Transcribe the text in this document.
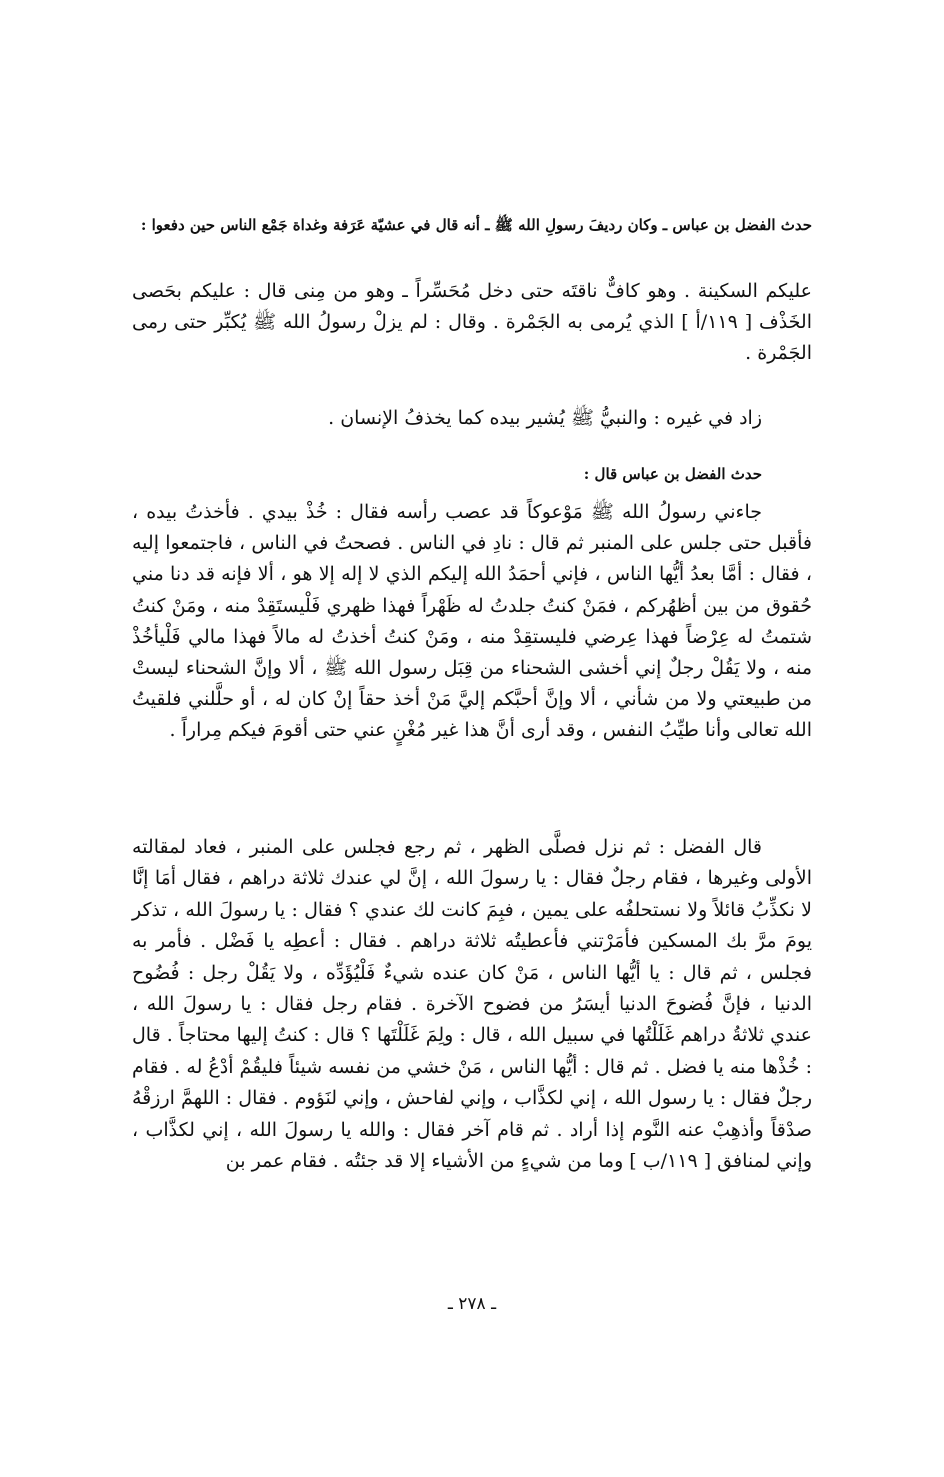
حدث الفضل بن عباس ـ وكان رديفَ رسولِ الله ﷺ ـ أنه قال في عشيّة عَرَفة وغداة جَمْع الناس حين دفعوا :
عليكم السكينة . وهو كافٌّ ناقتَه حتى دخل مُحَسِّراً ـ وهو من مِنى قال : عليكم بحَصى الخَذْف [ ١١٩/أ ] الذي يُرمى به الجَمْرة . وقال : لم يزلْ رسولُ الله ﷺ يُكبِّر حتى رمى الجَمْرة .
زاد في غيره : والنبيُّ ﷺ يُشير بيده كما يخذفُ الإنسان .
حدث الفضل بن عباس قال :
جاءني رسولُ الله ﷺ مَوْعوكاً قد عصب رأسه فقال : خُذْ بيدي . فأخذتُ بيده ، فأقبل حتى جلس على المنبر ثم قال : نادِ في الناس . فصحتُ في الناس ، فاجتمعوا إليه ، فقال : أمَّا بعدُ أيُّها الناس ، فإني أحمَدُ الله إليكم الذي لا إله إلا هو ، ألا فإنه قد دنا مني حُقوق من بين أظهُركم ، فمَنْ كنتُ جلدتُ له ظَهْراً فهذا ظهري فَلْيستَقِدْ منه ، ومَنْ كنتُ شتمتُ له عِرْضاً فهذا عِرضي فليستقِدْ منه ، ومَنْ كنتُ أخذتُ له مالاً فهذا مالي فَلْيأخُذْ منه ، ولا يَقُلْ رجلٌ إني أخشى الشحناء من قِبَل رسول الله ﷺ ، ألا وإنَّ الشحناء ليستْ من طبيعتي ولا من شأني ، ألا وإنَّ أحبَّكم إليَّ مَنْ أخذ حقاً إنْ كان له ، أو حلَّلني فلقيتُ الله تعالى وأنا طيِّبُ النفس ، وقد أرى أنَّ هذا غير مُغْنٍ عني حتى أقومَ فيكم مِراراً .
قال الفضل : ثم نزل فصلَّى الظهر ، ثم رجع فجلس على المنبر ، فعاد لمقالته الأولى وغيرها ، فقام رجلٌ فقال : يا رسولَ الله ، إنَّ لي عندك ثلاثة دراهم ، فقال أمَا إنَّا لا نكذِّبُ قائلاً ولا نستحلفُه على يمين ، فبِمَ كانت لك عندي ؟ فقال : يا رسولَ الله ، تذكر يومَ مرَّ بك المسكين فأمَرْتني فأعطيتُه ثلاثة دراهم . فقال : أعطِه يا فَضْل . فأمر به فجلس ، ثم قال : يا أيُّها الناس ، مَنْ كان عنده شيءٌ فَلْيُؤَدِّه ، ولا يَقُلْ رجل : فُضُوح الدنيا ، فإنَّ فُضوحَ الدنيا أيسَرُ من فضوح الآخرة . فقام رجل فقال : يا رسولَ الله ، عندي ثلاثةُ دراهم غَلَلْتُها في سبيل الله ، قال : ولِمَ غَلَلْتَها ؟ قال : كنتُ إليها محتاجاً . قال : خُذْها منه يا فضل . ثم قال : أيُّها الناس ، مَنْ خشي من نفسه شيئاً فليقُمْ أدْعُ له . فقام رجلٌ فقال : يا رسول الله ، إني لكذَّاب ، وإني لفاحش ، وإني لنَؤوم . فقال : اللهمَّ ارزقْهُ صدْقاً وأذهِبْ عنه النَّوم إذا أراد . ثم قام آخر فقال : والله يا رسولَ الله ، إني لكذَّاب ، وإني لمنافق [ ١١٩/ب ] وما من شيءٍ من الأشياء إلا قد جئتُه . فقام عمر بن
ـ ٢٧٨ ـ
